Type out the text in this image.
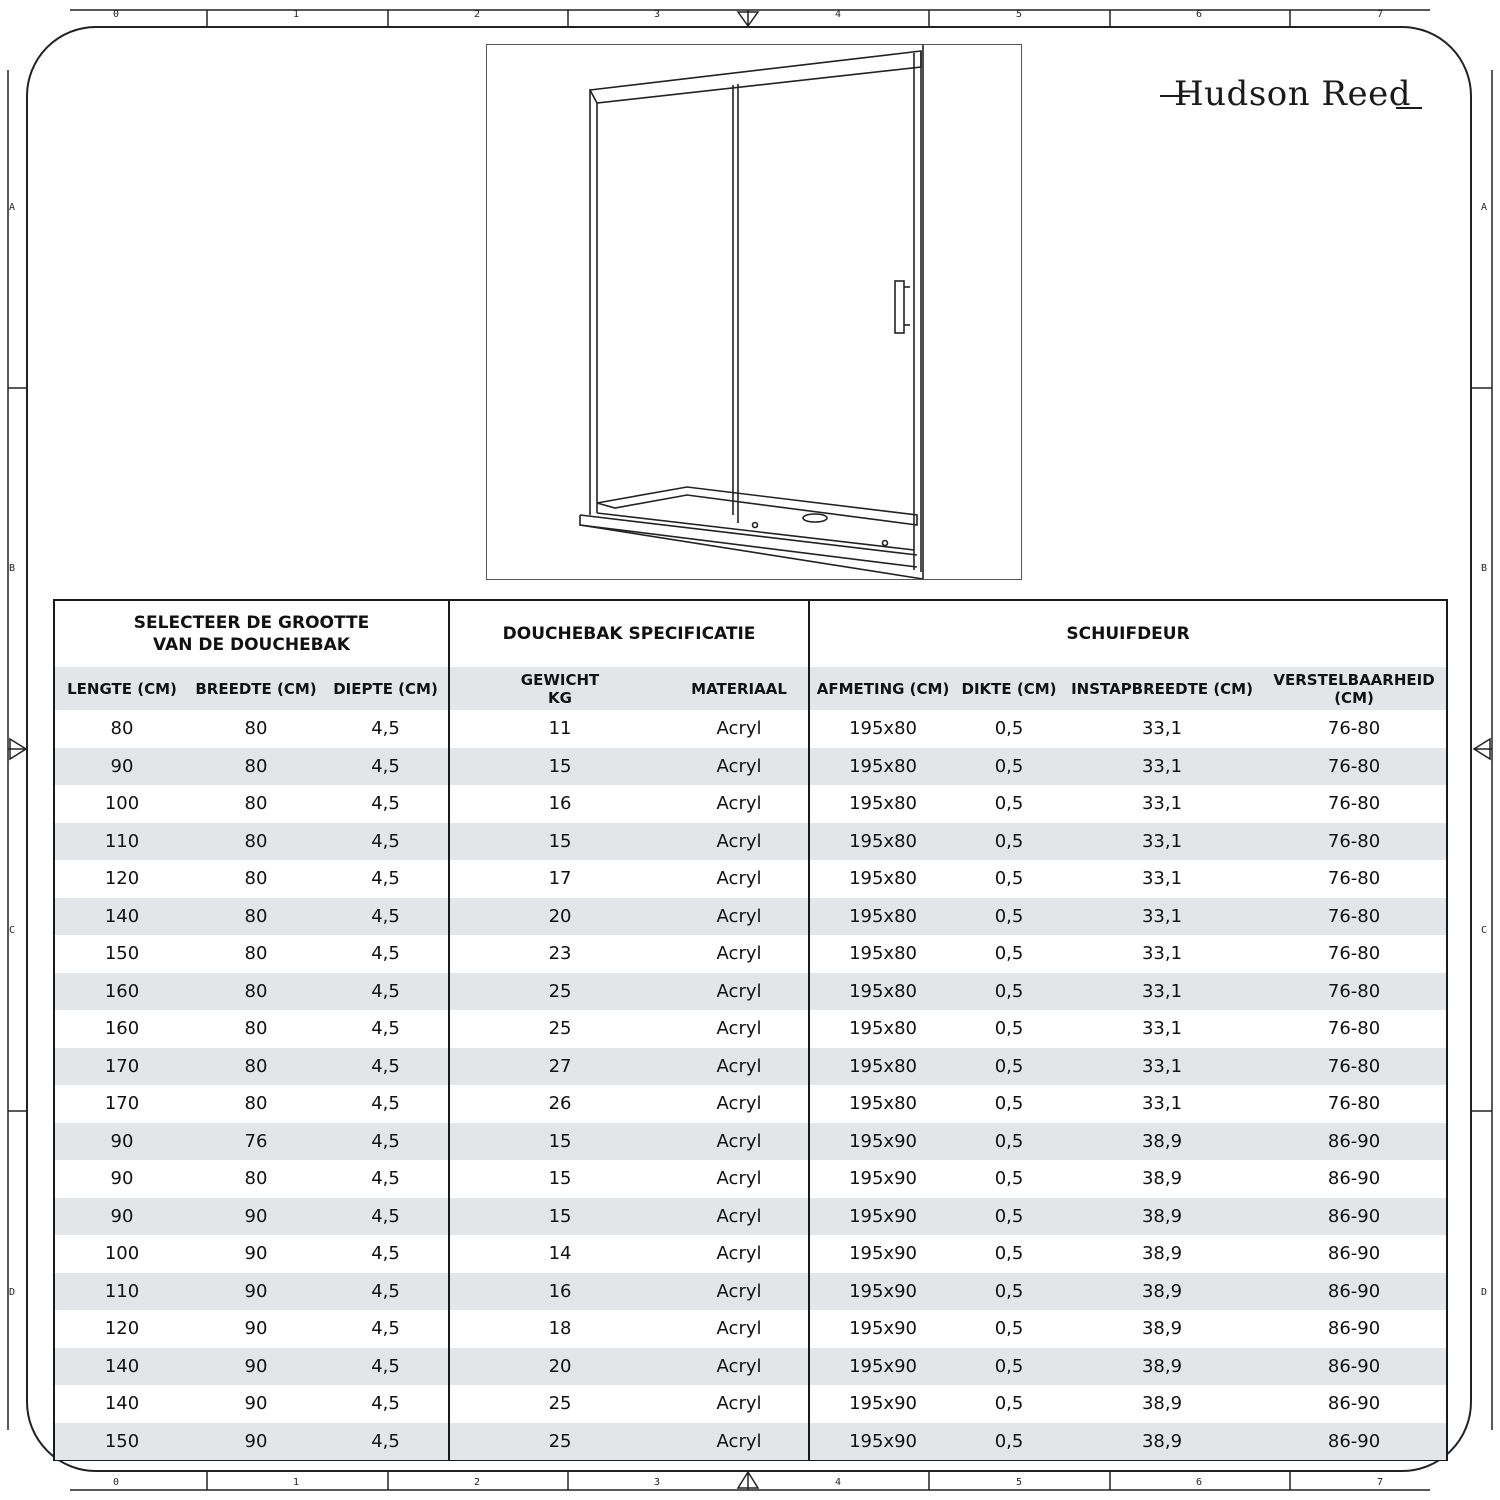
0	1	2	3	4	5	6	7
0	1	2	3	4	5	6	7
A
B
C
D
A
B
C
D
Hudson Reed
SELECTEER DE GROOTTE
VAN DE DOUCHEBAK			DOUCHEBAK SPECIFICATIE		SCHUIFDEUR			
LENGTE (CM)	BREEDTE (CM)	DIEPTE (CM)	GEWICHT
KG	MATERIAAL	AFMETING (CM)	DIKTE (CM)	INSTAPBREEDTE (CM)	VERSTELBAARHEID
(CM)
80	80	4,5	11	Acryl	195x80	0,5	33,1	76-80
90	80	4,5	15	Acryl	195x80	0,5	33,1	76-80
100	80	4,5	16	Acryl	195x80	0,5	33,1	76-80
110	80	4,5	15	Acryl	195x80	0,5	33,1	76-80
120	80	4,5	17	Acryl	195x80	0,5	33,1	76-80
140	80	4,5	20	Acryl	195x80	0,5	33,1	76-80
150	80	4,5	23	Acryl	195x80	0,5	33,1	76-80
160	80	4,5	25	Acryl	195x80	0,5	33,1	76-80
160	80	4,5	25	Acryl	195x80	0,5	33,1	76-80
170	80	4,5	27	Acryl	195x80	0,5	33,1	76-80
170	80	4,5	26	Acryl	195x80	0,5	33,1	76-80
90	76	4,5	15	Acryl	195x90	0,5	38,9	86-90
90	80	4,5	15	Acryl	195x90	0,5	38,9	86-90
90	90	4,5	15	Acryl	195x90	0,5	38,9	86-90
100	90	4,5	14	Acryl	195x90	0,5	38,9	86-90
110	90	4,5	16	Acryl	195x90	0,5	38,9	86-90
120	90	4,5	18	Acryl	195x90	0,5	38,9	86-90
140	90	4,5	20	Acryl	195x90	0,5	38,9	86-90
140	90	4,5	25	Acryl	195x90	0,5	38,9	86-90
150	90	4,5	25	Acryl	195x90	0,5	38,9	86-90
